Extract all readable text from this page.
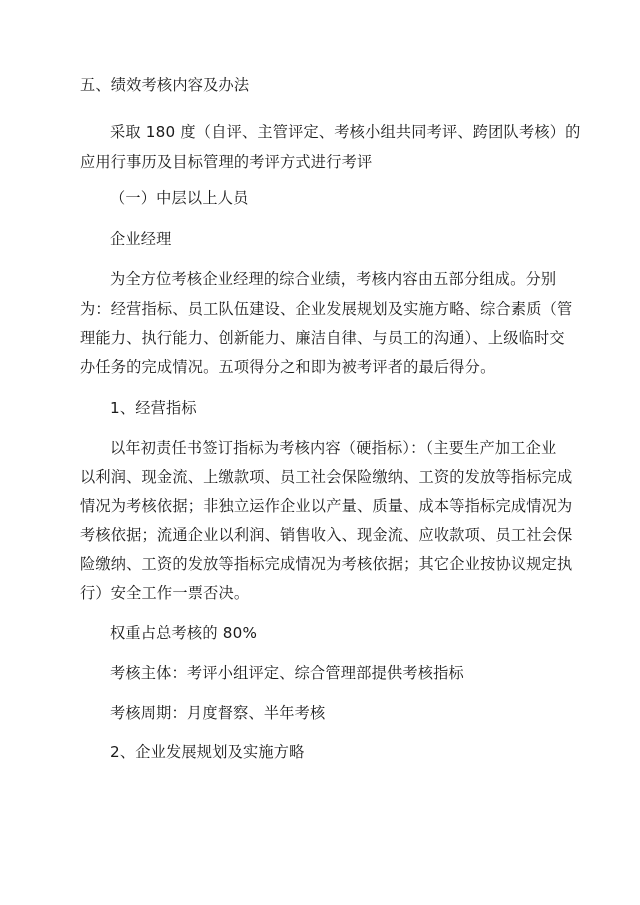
五、绩效考核内容及办法
采取 180 度（自评、主管评定、考核小组共同考评、跨团队考核）的
应用行事历及目标管理的考评方式进行考评
（一）中层以上人员
企业经理
为全方位考核企业经理的综合业绩，考核内容由五部分组成。分别
为：经营指标、员工队伍建设、企业发展规划及实施方略、综合素质（管
理能力、执行能力、创新能力、廉洁自律、与员工的沟通）、上级临时交
办任务的完成情况。五项得分之和即为被考评者的最后得分。
1、经营指标
以年初责任书签订指标为考核内容（硬指标）：（主要生产加工企业
以利润、现金流、上缴款项、员工社会保险缴纳、工资的发放等指标完成
情况为考核依据；非独立运作企业以产量、质量、成本等指标完成情况为
考核依据；流通企业以利润、销售收入、现金流、应收款项、员工社会保
险缴纳、工资的发放等指标完成情况为考核依据；其它企业按协议规定执
行）安全工作一票否决。
权重占总考核的 80%
考核主体：考评小组评定、综合管理部提供考核指标
考核周期：月度督察、半年考核
2、企业发展规划及实施方略
